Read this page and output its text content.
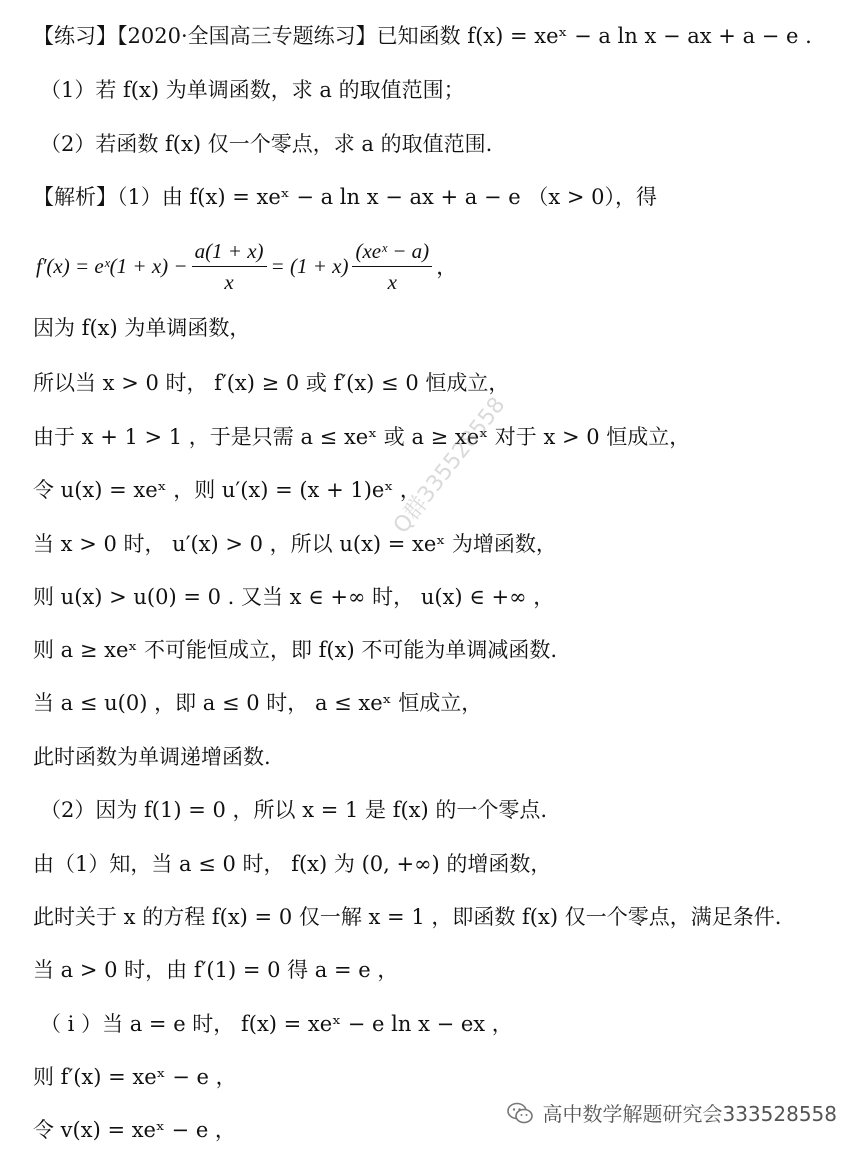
【练习】【2020·全国高三专题练习】已知函数 f(x) = xeˣ − a ln x − ax + a − e .
（1）若 f(x) 为单调函数，求 a 的取值范围；
（2）若函数 f(x) 仅一个零点，求 a 的取值范围.
【解析】（1）由 f(x) = xeˣ − a ln x − ax + a − e （x > 0），得
f′(x) = eˣ(1 + $x) - \frac{a(1 + x)}{x} = (1 + x) \frac{\text{(xeˣ − a)}}{x}$ ，
因为 f(x) 为单调函数，
所以当 x > 0 时， f′(x) ≥ 0 或 f′(x) ≤ 0 恒成立，
由于 x + 1 > 1 ，于是只需 a ≤ xeˣ 或 a ≥ xeˣ 对于 x > 0 恒成立，
令 u(x) = xeˣ ，则 u′(x) = (x + 1)eˣ ，
当 x > 0 时， u′(x) > 0 ，所以 u(x) = xeˣ 为增函数，
则 u(x) > u(0) = 0 . 又当 x ∈ +∞ 时， u(x) ∈ +∞ ，
则 a ≥ xeˣ 不可能恒成立，即 f(x) 不可能为单调减函数.
当 a ≤ u(0) ，即 a ≤ 0 时， a ≤ xeˣ 恒成立，
此时函数为单调递增函数.
（2）因为 f(1) = 0 ，所以 x = 1 是 f(x) 的一个零点.
由（1）知，当 a ≤ 0 时， f(x) 为 (0, +∞) 的增函数，
此时关于 x 的方程 f(x) = 0 仅一解 x = 1 ，即函数 f(x) 仅一个零点，满足条件.
当 a > 0 时，由 f′(1) = 0 得 a = e ，
（ i ）当 a = e 时， f(x) = xeˣ − e ln x − ex ，
则 f′(x) = xeˣ − e ，
令 v(x) = xeˣ − e ，
Q群335528558
高中数学解题研究会333528558
